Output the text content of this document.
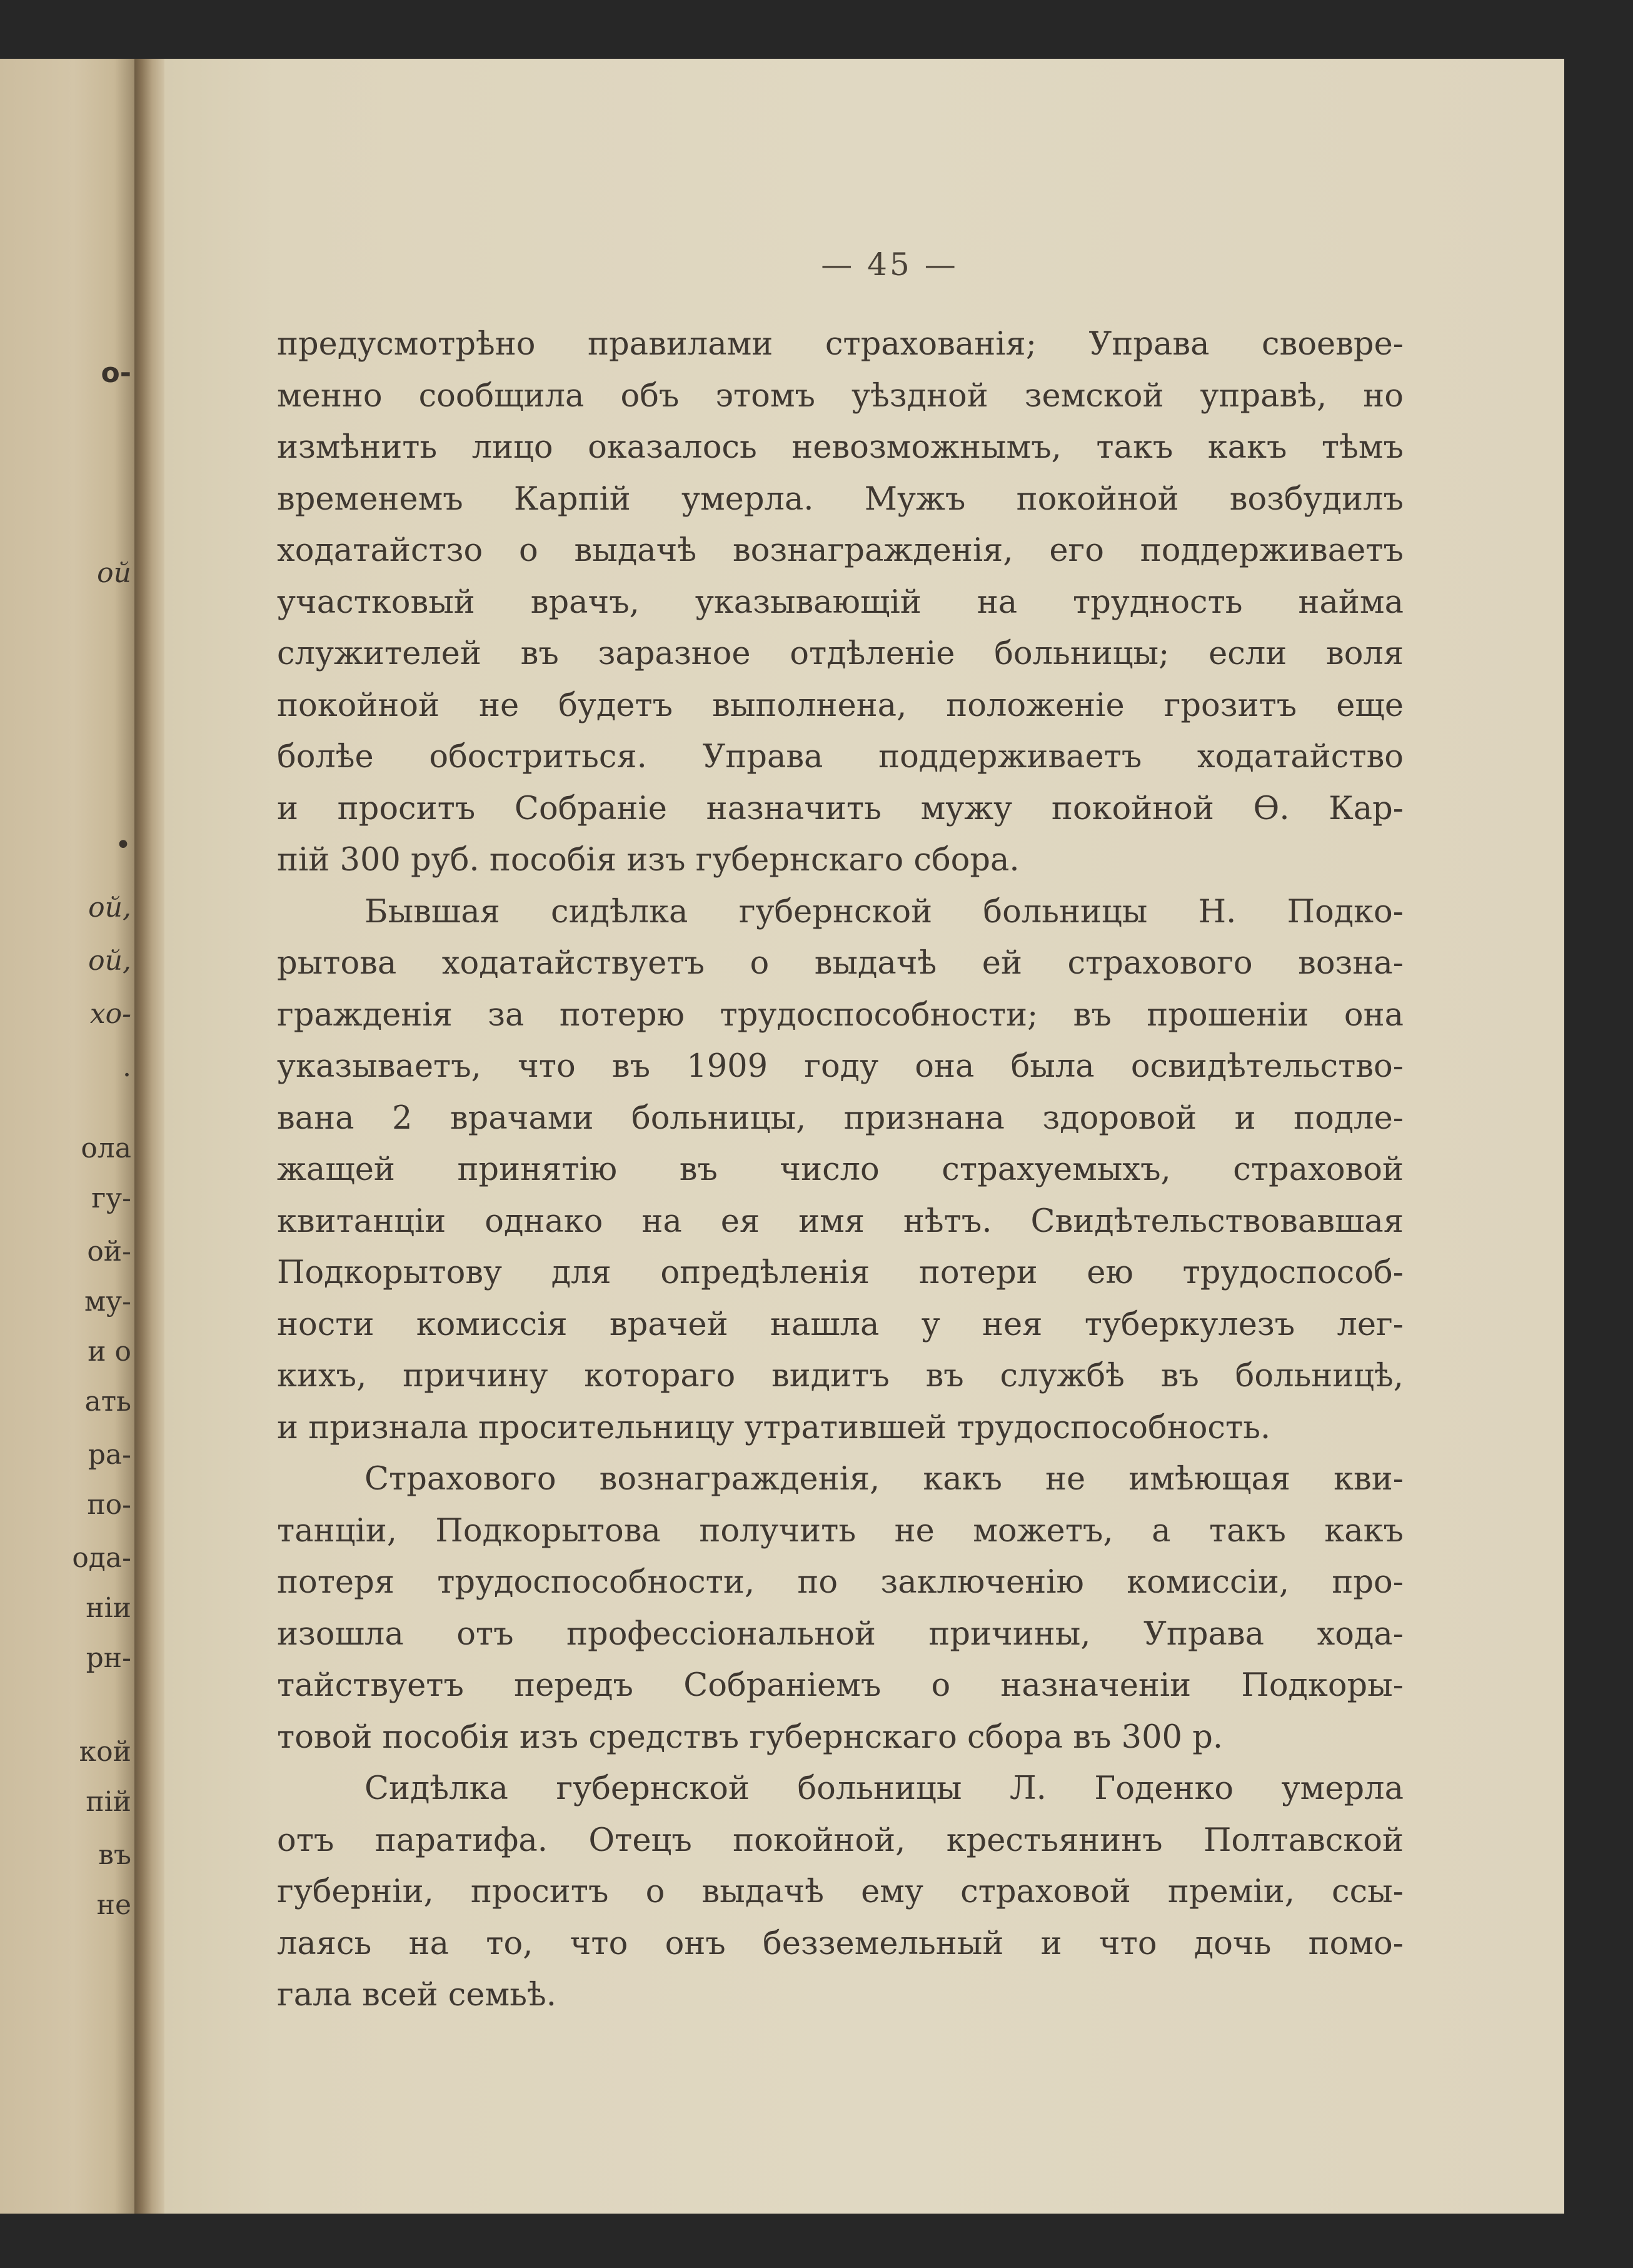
о-
ой
•
ой,
ой,
хо-
.
ола
гу-
ой-
му-
и о
ать
ра-
по-
ода-
ніи
рн-
кой
пій
въ
не
— 45 —
предусмотрѣно правилами страхованія; Управа своевре-
менно сообщила объ этомъ уѣздной земской управѣ, но
измѣнить лицо оказалось невозможнымъ, такъ какъ тѣмъ
временемъ Карпій умерла. Мужъ покойной возбудилъ
ходатайстзо о выдачѣ вознагражденія, его поддерживаетъ
участковый врачъ, указывающій на трудность найма
служителей въ заразное отдѣленіе больницы; если воля
покойной не будетъ выполнена, положеніе грозитъ еще
болѣе обостриться. Управа поддерживаетъ ходатайство
и проситъ Собраніе назначить мужу покойной Ѳ. Кар-
пій 300 руб. пособія изъ губернскаго сбора.
Бывшая сидѣлка губернской больницы Н. Подко-
рытова ходатайствуетъ о выдачѣ ей страхового возна-
гражденія за потерю трудоспособности; въ прошеніи она
указываетъ, что въ 1909 году она была освидѣтельство-
вана 2 врачами больницы, признана здоровой и подле-
жащей принятію въ число страхуемыхъ, страховой
квитанціи однако на ея имя нѣтъ. Свидѣтельствовавшая
Подкорытову для опредѣленія потери ею трудоспособ-
ности комиссія врачей нашла у нея туберкулезъ лег-
кихъ, причину котораго видитъ въ службѣ въ больницѣ,
и признала просительницу утратившей трудоспособность.
Страхового вознагражденія, какъ не имѣющая кви-
танціи, Подкорытова получить не можетъ, а такъ какъ
потеря трудоспособности, по заключенію комиссіи, про-
изошла отъ профессіональной причины, Управа хода-
тайствуетъ передъ Собраніемъ о назначеніи Подкоры-
товой пособія изъ средствъ губернскаго сбора въ 300 р.
Сидѣлка губернской больницы Л. Годенко умерла
отъ паратифа. Отецъ покойной, крестьянинъ Полтавской
губерніи, проситъ о выдачѣ ему страховой преміи, ссы-
лаясь на то, что онъ безземельный и что дочь помо-
гала всей семьѣ.
